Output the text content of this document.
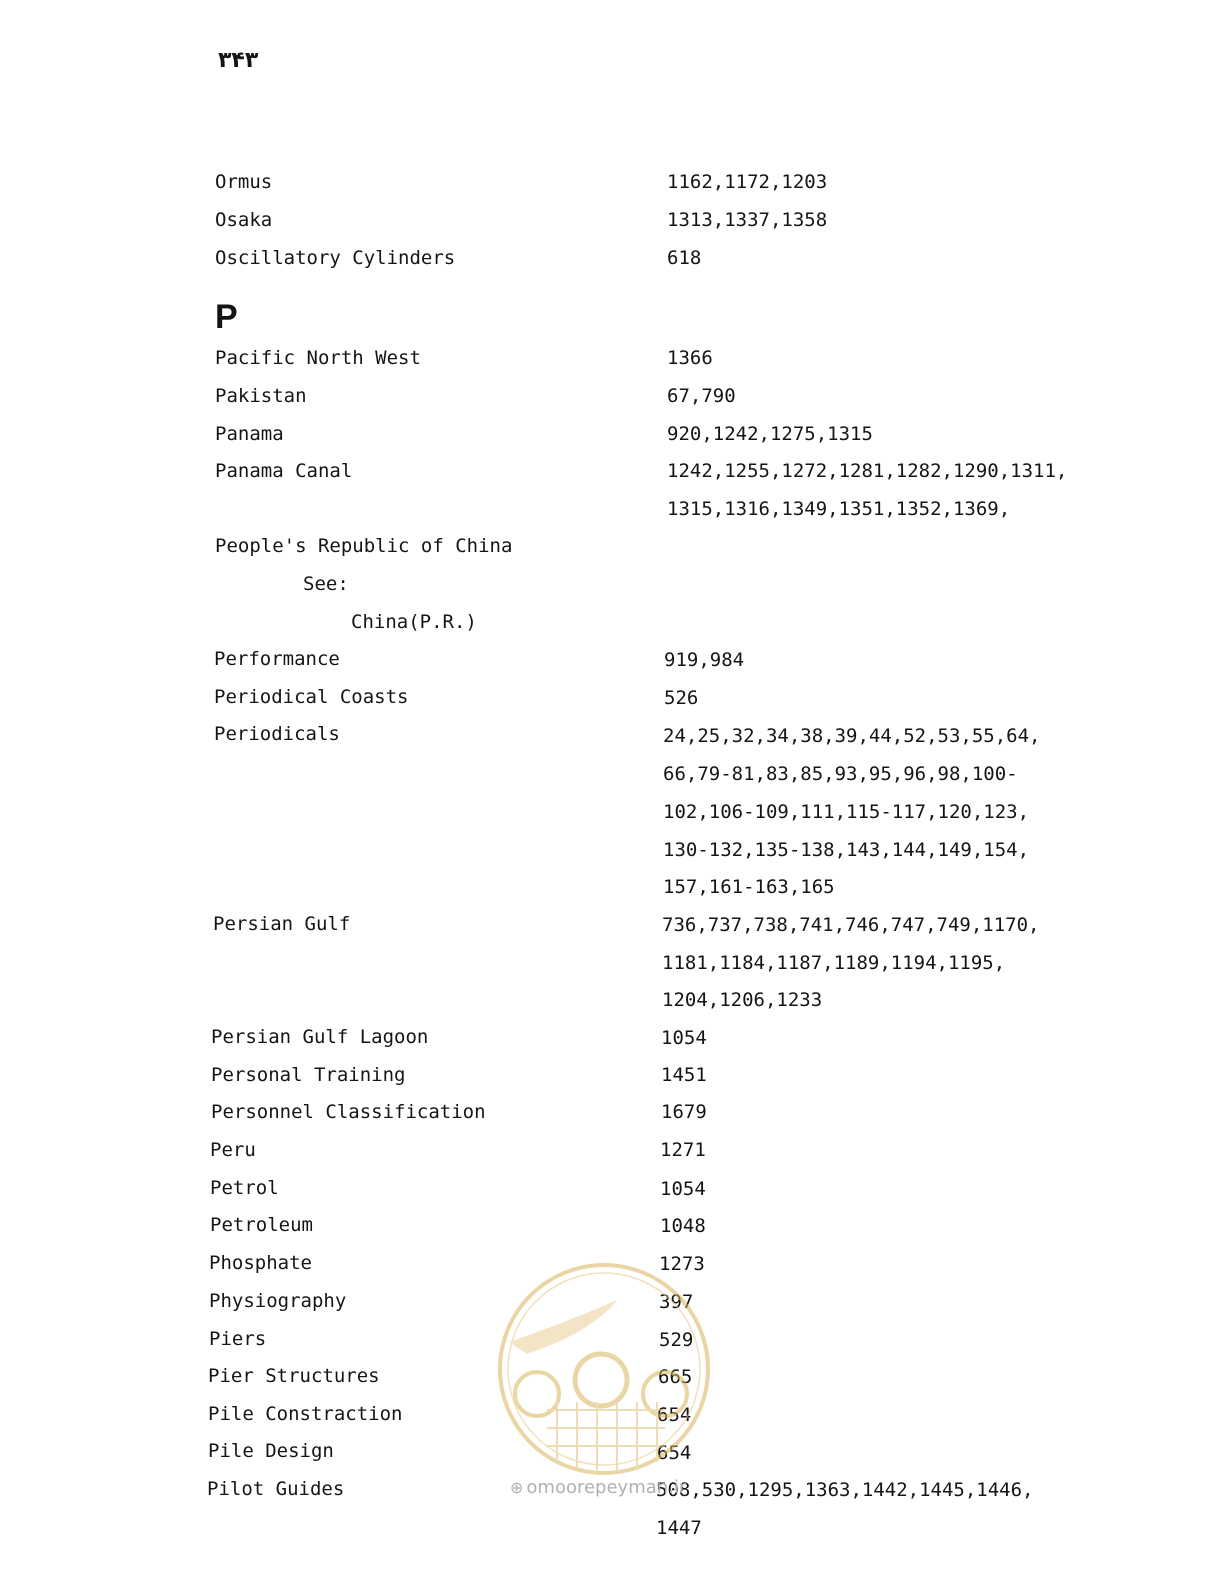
٣۴٣
Ormus	1162,1172,1203
Osaka	1313,1337,1358
Oscillatory Cylinders	618
P
Pacific North West	1366
Pakistan	67,790
Panama	920,1242,1275,1315
Panama Canal	1242,1255,1272,1281,1282,1290,1311,
1315,1316,1349,1351,1352,1369,
People's Republic of China
See:
China(P.R.)
Performance	919,984
Periodical Coasts	526
Periodicals	24,25,32,34,38,39,44,52,53,55,64,
66,79-81,83,85,93,95,96,98,100-
102,106-109,111,115-117,120,123,
130-132,135-138,143,144,149,154,
157,161-163,165
Persian Gulf	736,737,738,741,746,747,749,1170,
1181,1184,1187,1189,1194,1195,
1204,1206,1233
Persian Gulf Lagoon	1054
Personal Training	1451
Personnel Classification	1679
Peru	1271
Petrol	1054
Petroleum	1048
Phosphate	1273
Physiography	397
Piers	529
Pier Structures	665
Pile Constraction	654
Pile Design	654
Pilot Guides	508,530,1295,1363,1442,1445,1446,
1447
⊕ omoorepeyman.ir
